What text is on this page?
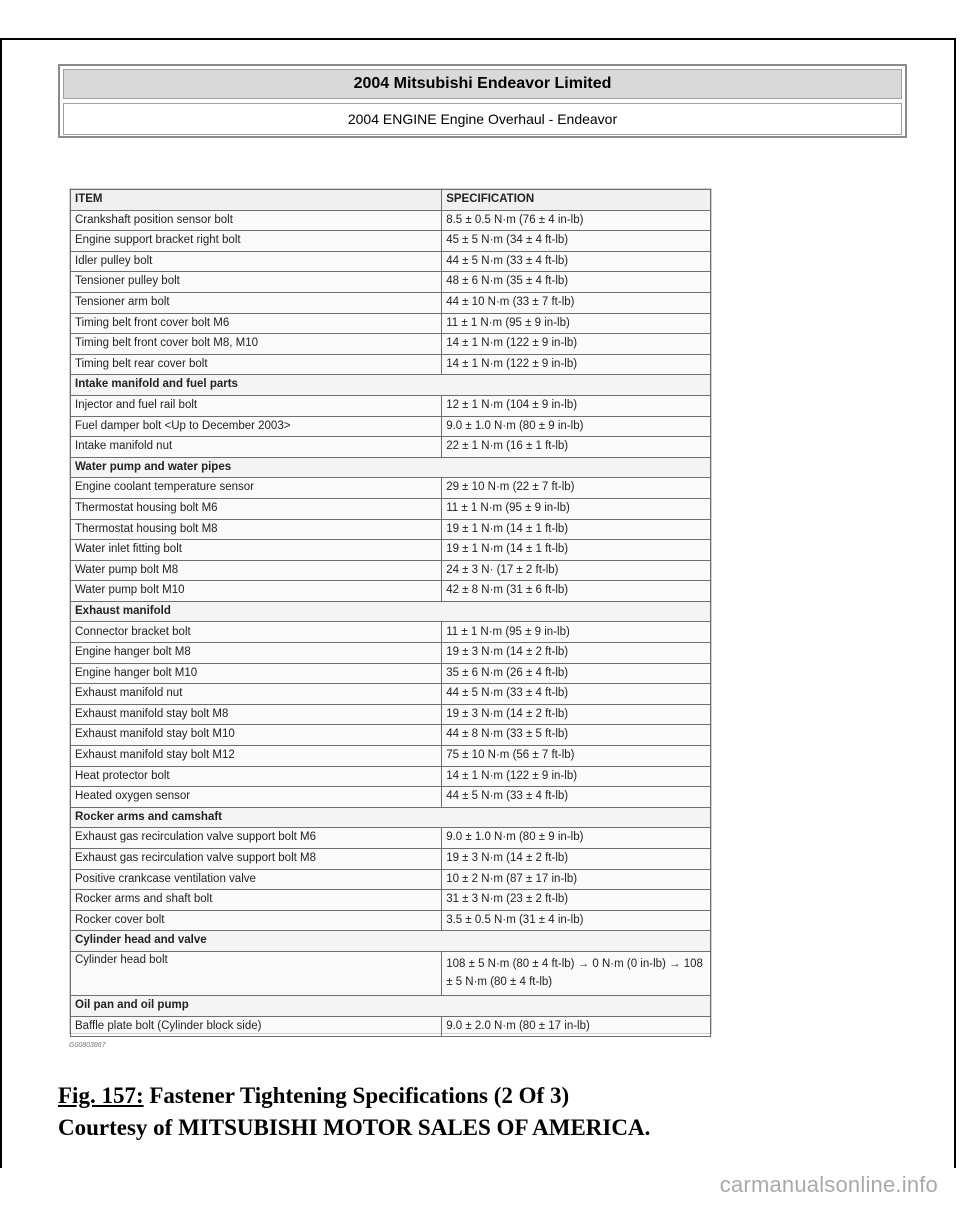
2004 Mitsubishi Endeavor Limited
2004 ENGINE Engine Overhaul - Endeavor
ITEM	SPECIFICATION
Crankshaft position sensor bolt	8.5 ± 0.5 N·m (76 ± 4 in-lb)
Engine support bracket right bolt	45 ± 5 N·m (34 ± 4 ft-lb)
Idler pulley bolt	44 ± 5 N·m (33 ± 4 ft-lb)
Tensioner pulley bolt	48 ± 6 N·m (35 ± 4 ft-lb)
Tensioner arm bolt	44 ± 10 N·m (33 ± 7 ft-lb)
Timing belt front cover bolt M6	11 ± 1 N·m (95 ± 9 in-lb)
Timing belt front cover bolt M8, M10	14 ± 1 N·m (122 ± 9 in-lb)
Timing belt rear cover bolt	14 ± 1 N·m (122 ± 9 in-lb)
Intake manifold and fuel parts	
Injector and fuel rail bolt	12 ± 1 N·m (104 ± 9 in-lb)
Fuel damper bolt <Up to December 2003>	9.0 ± 1.0 N·m (80 ± 9 in-lb)
Intake manifold nut	22 ± 1 N·m (16 ± 1 ft-lb)
Water pump and water pipes	
Engine coolant temperature sensor	29 ± 10 N·m (22 ± 7 ft-lb)
Thermostat housing bolt M6	11 ± 1 N·m (95 ± 9 in-lb)
Thermostat housing bolt M8	19 ± 1 N·m (14 ± 1 ft-lb)
Water inlet fitting bolt	19 ± 1 N·m (14 ± 1 ft-lb)
Water pump bolt M8	24 ± 3 N· (17 ± 2 ft-lb)
Water pump bolt M10	42 ± 8 N·m (31 ± 6 ft-lb)
Exhaust manifold	
Connector bracket bolt	11 ± 1 N·m (95 ± 9 in-lb)
Engine hanger bolt M8	19 ± 3 N·m (14 ± 2 ft-lb)
Engine hanger bolt M10	35 ± 6 N·m (26 ± 4 ft-lb)
Exhaust manifold nut	44 ± 5 N·m (33 ± 4 ft-lb)
Exhaust manifold stay bolt M8	19 ± 3 N·m (14 ± 2 ft-lb)
Exhaust manifold stay bolt M10	44 ± 8 N·m (33 ± 5 ft-lb)
Exhaust manifold stay bolt M12	75 ± 10 N·m (56 ± 7 ft-lb)
Heat protector bolt	14 ± 1 N·m (122 ± 9 in-lb)
Heated oxygen sensor	44 ± 5 N·m (33 ± 4 ft-lb)
Rocker arms and camshaft	
Exhaust gas recirculation valve support bolt M6	9.0 ± 1.0 N·m (80 ± 9 in-lb)
Exhaust gas recirculation valve support bolt M8	19 ± 3 N·m (14 ± 2 ft-lb)
Positive crankcase ventilation valve	10 ± 2 N·m (87 ± 17 in-lb)
Rocker arms and shaft bolt	31 ± 3 N·m (23 ± 2 ft-lb)
Rocker cover bolt	3.5 ± 0.5 N·m (31 ± 4 in-lb)
Cylinder head and valve	
Cylinder head bolt	108 ± 5 N·m (80 ± 4 ft-lb) → 0 N·m (0 in-lb) → 108 ± 5 N·m (80 ± 4 ft-lb)
Oil pan and oil pump	
Baffle plate bolt (Cylinder block side)	9.0 ± 2.0 N·m (80 ± 17 in-lb)
G00803867
Fig. 157: Fastener Tightening Specifications (2 Of 3)
Courtesy of MITSUBISHI MOTOR SALES OF AMERICA.
carmanualsonline.info
